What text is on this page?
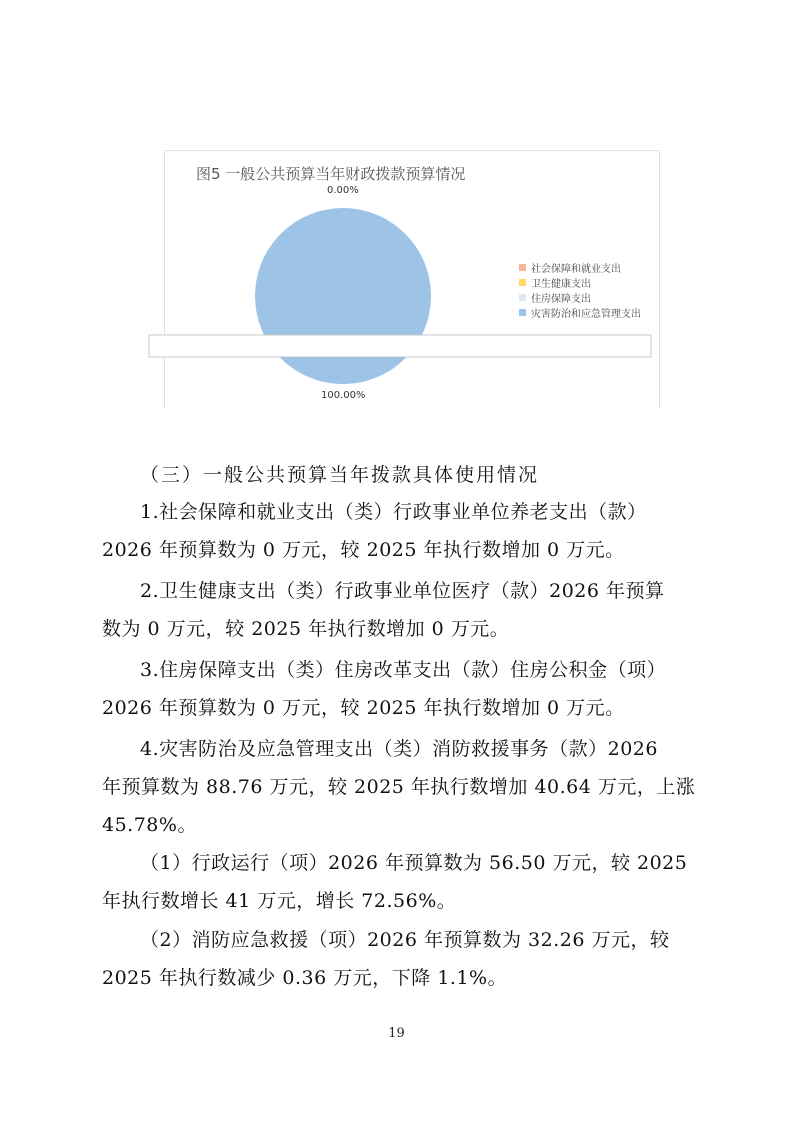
图5 一般公共预算当年财政拨款预算情况
0.00%
100.00%
社会保障和就业支出
卫生健康支出
住房保障支出
灾害防治和应急管理支出
（三）一般公共预算当年拨款具体使用情况
1.社会保障和就业支出（类）行政事业单位养老支出（款）
2026 年预算数为 0 万元，较 2025 年执行数增加 0 万元。
2.卫生健康支出（类）行政事业单位医疗（款）2026 年预算
数为 0 万元，较 2025 年执行数增加 0 万元。
3.住房保障支出（类）住房改革支出（款）住房公积金（项）
2026 年预算数为 0 万元，较 2025 年执行数增加 0 万元。
4.灾害防治及应急管理支出（类）消防救援事务（款）2026
年预算数为 88.76 万元，较 2025 年执行数增加 40.64 万元，上涨
45.78%。
（1）行政运行（项）2026 年预算数为 56.50 万元，较 2025
年执行数增长 41 万元，增长 72.56%。
（2）消防应急救援（项）2026 年预算数为 32.26 万元，较
2025 年执行数减少 0.36 万元，下降 1.1%。
19
